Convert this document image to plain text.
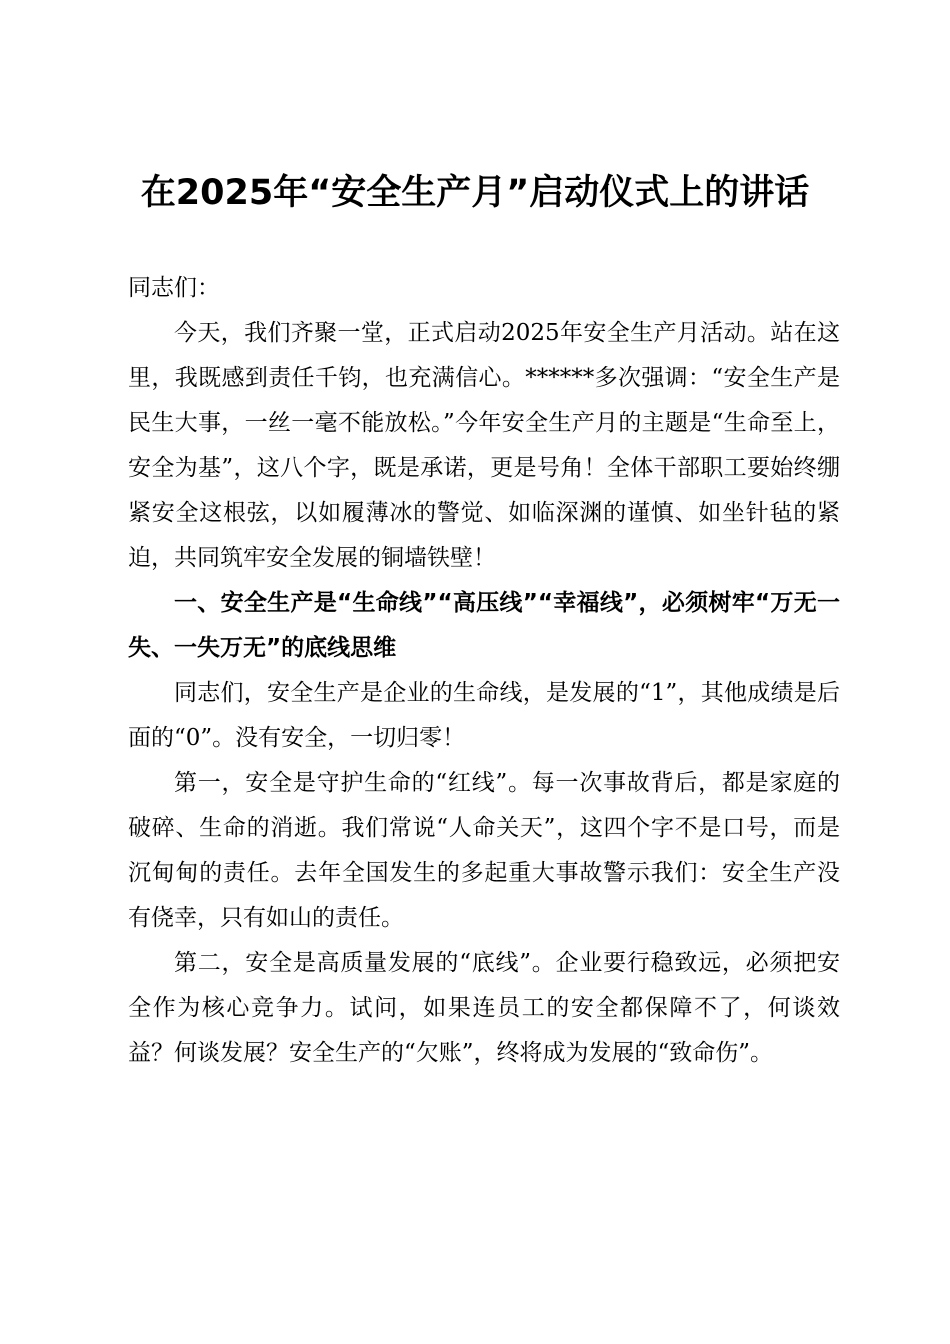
在2025年“安全生产月”启动仪式上的讲话

同志们：

今天，我们齐聚一堂，正式启动2025年安全生产月活动。站在这里，我既感到责任千钧，也充满信心。******多次强调：“安全生产是民生大事，一丝一毫不能放松。”今年安全生产月的主题是“生命至上，安全为基”，这八个字，既是承诺，更是号角！全体干部职工要始终绷紧安全这根弦，以如履薄冰的警觉、如临深渊的谨慎、如坐针毡的紧迫，共同筑牢安全发展的铜墙铁壁！

一、安全生产是“生命线”“高压线”“幸福线”，必须树牢“万无一失、一失万无”的底线思维

同志们，安全生产是企业的生命线，是发展的“1”，其他成绩是后面的“0”。没有安全，一切归零！

第一，安全是守护生命的“红线”。每一次事故背后，都是家庭的破碎、生命的消逝。我们常说“人命关天”，这四个字不是口号，而是沉甸甸的责任。去年全国发生的多起重大事故警示我们：安全生产没有侥幸，只有如山的责任。

第二，安全是高质量发展的“底线”。企业要行稳致远，必须把安全作为核心竞争力。试问，如果连员工的安全都保障不了，何谈效益？何谈发展？安全生产的“欠账”，终将成为发展的“致命伤”。
